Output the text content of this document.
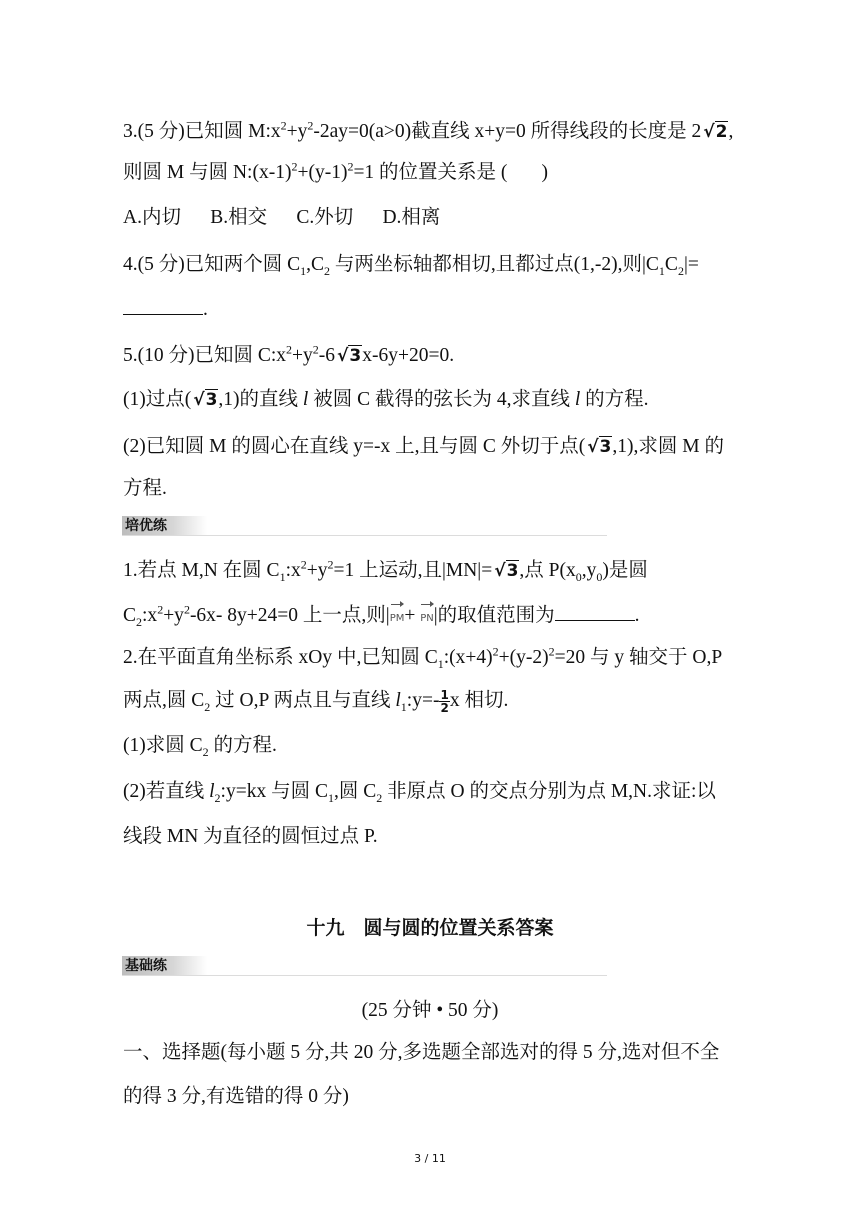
3.(5 分)已知圆 $M:x^2+y^2-2ay=0(a>0)$截直线 x+y=0 所得线段的长度是 2 √2,
则圆 M 与圆 $N:(x-1)^2+(y-1)^2=1$ 的位置关系是 ( )
A.内切      B.相交      C.外切      D.相离
4.(5 分)已知两个圆 $C_1,C_2$ 与两坐标轴都相切,且都过点(1,-2),则$|C_1C_2|=$
.
5.(10 分)已知圆 $C:x^2+y^2-6$ √3x-6y+20=0.
(1)过点( √3,1)的直线 l 被圆 C 截得的弦长为 4,求直线 l 的方程.
(2)已知圆 M 的圆心在直线 y=-x 上,且与圆 C 外切于点( √3,1),求圆 M 的
方程.
培优练
1.若点 M,N 在圆 $C_1:x^2+y^2=1$ 上运动,且|MN|= √3,点 $P(x_0,y_0)$是圆
$C_2:x^2+y^2-6x-$ 8y+24=0 上一点,则|PM+ PN|的取值范围为	.
2.在平面直角坐标系 xOy 中,已知圆 $C_1:(x+4)^2+(y-2)^2=20$ 与 y 轴交于 O,P
两点,圆 $C_2$ 过 O,P 两点且与直线 $l_1:y=- \frac{1}{2}$ x 相切.
(1)求圆 $C_2$ 的方程.
(2)若直线 $l_2:y=kx$ 与圆 $C_1$,圆 $C_2$ 非原点 O 的交点分别为点 M,N.求证:以
线段 MN 为直径的圆恒过点 P.
十九　圆与圆的位置关系答案
基础练
(25 分钟 • 50 分)
一、选择题(每小题 5 分,共 20 分,多选题全部选对的得 5 分,选对但不全
的得 3 分,有选错的得 0 分)
3 / 11
